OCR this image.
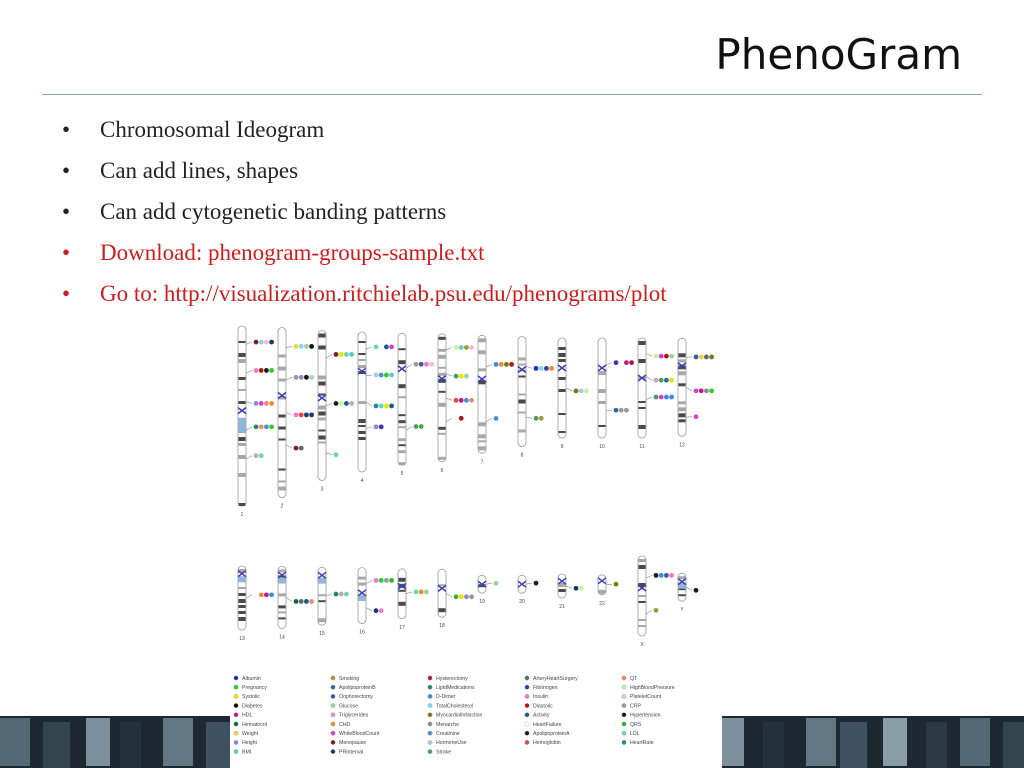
PhenoGram
• Chromosomal Ideogram
• Can add lines, shapes
• Can add cytogenetic banding patterns
• Download: phenogram-groups-sample.txt
• Go to: http://visualization.ritchielab.psu.edu/phenograms/plot
1
2
3
4
5
6
7
8
9	10	11	12
13	14
15	16
17	18
19	20
21
22
X
Y
Albumin
Pregnancy
Systolic
Diabetes
HDL
Hematocrit
Weight
Height
BMI
Smoking
ApolipoproteinB
Oophorectomy
Glucose
Triglycerides
CHD
WhiteBloodCount
Menopause
PRInterval
Hysterectomy
LipidMedications
D-Dimer
TotalCholesterol
MyocardialInfarction
Menarche
Creatinine
HormoneUse
Stroke
ArteryHeartSurgery
Fibrinogen
Insulin
Diastolic
Activity
HeartFailure
ApolipoproteinA
Hemoglobin
QT
HighBloodPressure
PlateletCount
CRP
Hypertension
QRS
LDL
HeartRate
